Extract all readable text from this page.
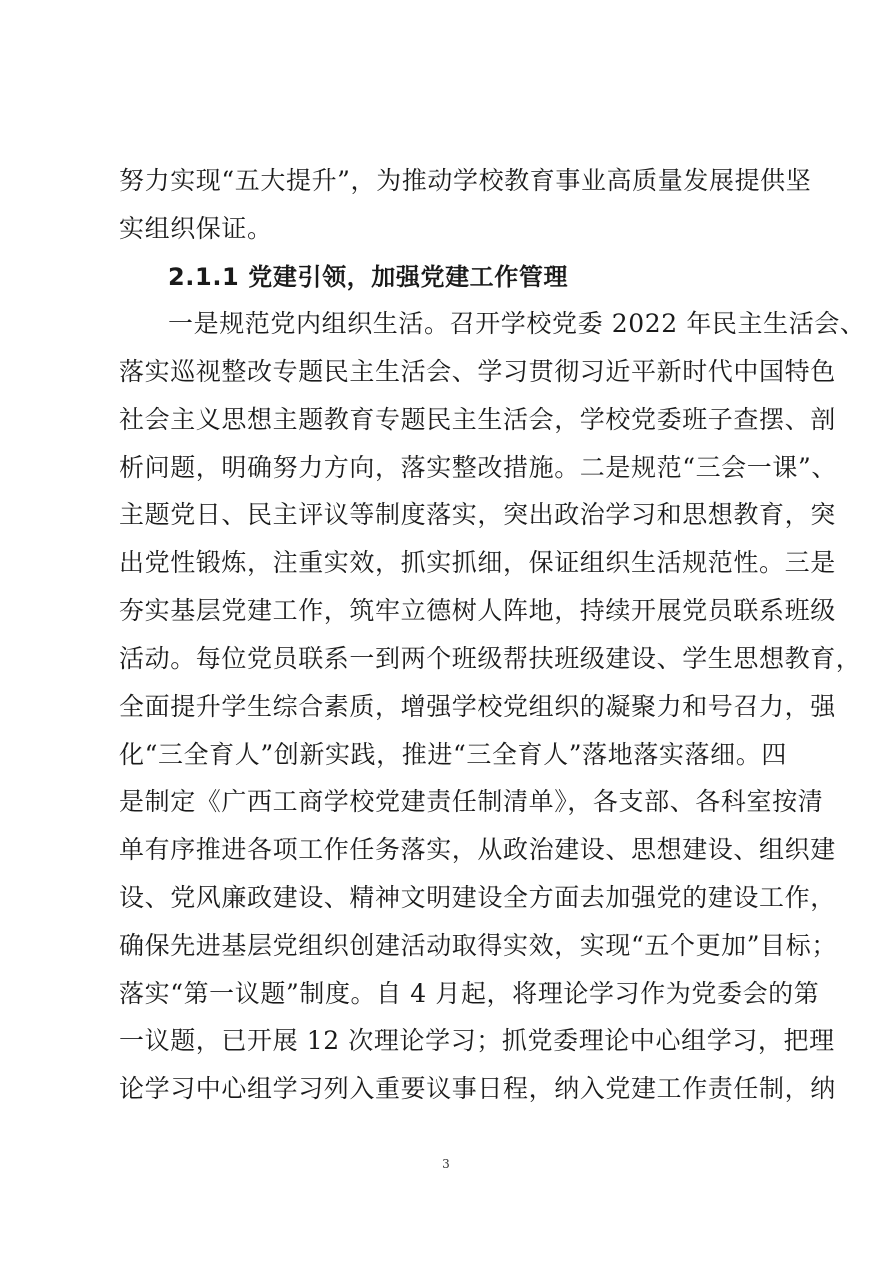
努力实现“五大提升”，为推动学校教育事业高质量发展提供坚
实组织保证。
2.1.1 党建引领，加强党建工作管理
一是规范党内组织生活。召开学校党委 2022 年民主生活会、
落实巡视整改专题民主生活会、学习贯彻习近平新时代中国特色
社会主义思想主题教育专题民主生活会，学校党委班子查摆、剖
析问题，明确努力方向，落实整改措施。二是规范“三会一课”、
主题党日、民主评议等制度落实，突出政治学习和思想教育，突
出党性锻炼，注重实效，抓实抓细，保证组织生活规范性。三是
夯实基层党建工作，筑牢立德树人阵地，持续开展党员联系班级
活动。每位党员联系一到两个班级帮扶班级建设、学生思想教育，
全面提升学生综合素质，增强学校党组织的凝聚力和号召力，强
化“三全育人”创新实践，推进“三全育人”落地落实落细。四
是制定《广西工商学校党建责任制清单》，各支部、各科室按清
单有序推进各项工作任务落实，从政治建设、思想建设、组织建
设、党风廉政建设、精神文明建设全方面去加强党的建设工作，
确保先进基层党组织创建活动取得实效，实现“五个更加”目标；
落实“第一议题”制度。自 4 月起，将理论学习作为党委会的第
一议题，已开展 12 次理论学习；抓党委理论中心组学习，把理
论学习中心组学习列入重要议事日程，纳入党建工作责任制，纳
3
